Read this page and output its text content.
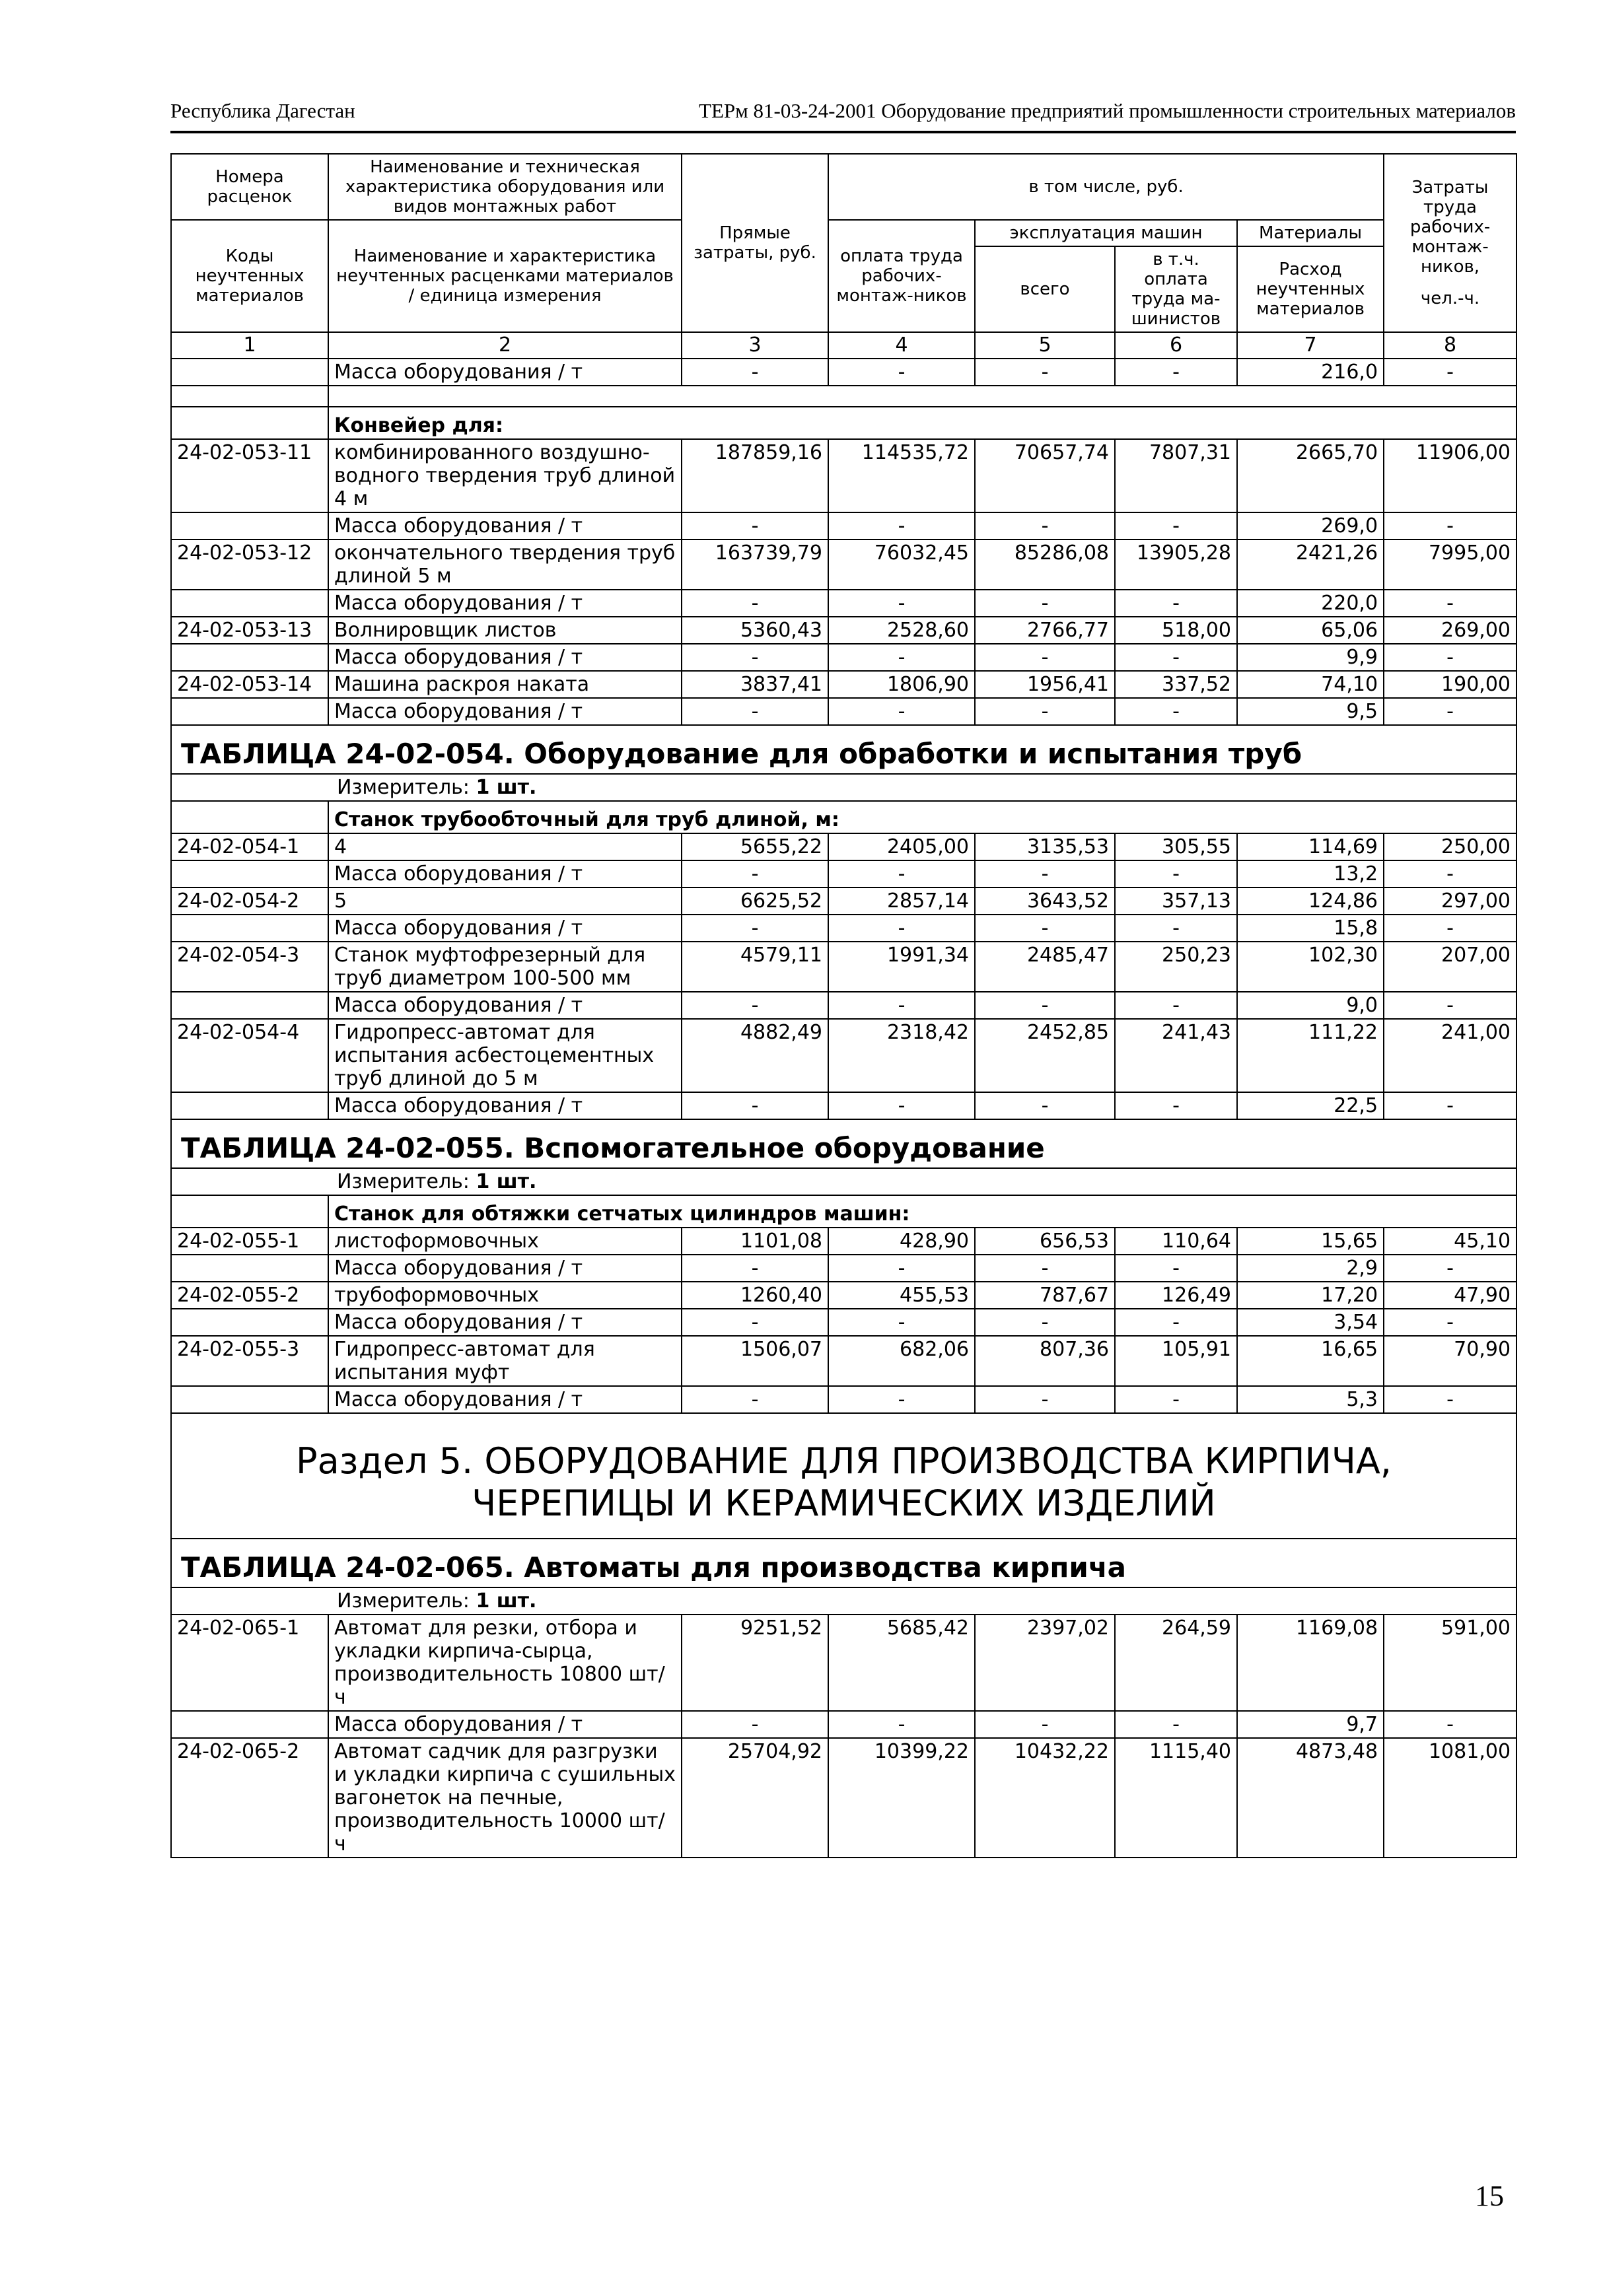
Республика Дагестан	ТЕРм 81-03-24-2001 Оборудование предприятий промышленности строительных материалов
Номера расценок	Наименование и техническая характеристика оборудования или видов монтажных работ	Прямые затраты, руб.	в том числе, руб.				Затраты труда рабочих-монтаж-ников,
чел.-ч.

Коды неучтенных материалов	Наименование и характеристика неучтенных расценками материалов / единица измерения		оплата труда рабочих-монтаж-ников	эксплуатация машин		Материалы	
				всего	в т.ч. оплата труда ма-шинистов	Расход неучтенных материалов	
1	2	3	4	5	6	7	8
	Масса оборудования / т	-	-	-	-	216,0	-

	Конвейер для:						
24-02-053-11	комбинированного воздушно-водного твердения труб длиной 4 м	187859,16	114535,72	70657,74	7807,31	2665,70	11906,00
	Масса оборудования / т	-	-	-	-	269,0	-
24-02-053-12	окончательного твердения труб длиной 5 м	163739,79	76032,45	85286,08	13905,28	2421,26	7995,00
	Масса оборудования / т	-	-	-	-	220,0	-
24-02-053-13	Волнировщик листов	5360,43	2528,60	2766,77	518,00	65,06	269,00
	Масса оборудования / т	-	-	-	-	9,9	-
24-02-053-14	Машина раскроя наката	3837,41	1806,90	1956,41	337,52	74,10	190,00
	Масса оборудования / т	-	-	-	-	9,5	-
ТАБЛИЦА 24-02-054. Оборудование для обработки и испытания труб							
Измеритель: 1 шт.							
	Станок трубообточный для труб длиной, м:						
24-02-054-1	4	5655,22	2405,00	3135,53	305,55	114,69	250,00
	Масса оборудования / т	-	-	-	-	13,2	-
24-02-054-2	5	6625,52	2857,14	3643,52	357,13	124,86	297,00
	Масса оборудования / т	-	-	-	-	15,8	-
24-02-054-3	Станок муфтофрезерный для труб диаметром 100-500 мм	4579,11	1991,34	2485,47	250,23	102,30	207,00
	Масса оборудования / т	-	-	-	-	9,0	-
24-02-054-4	Гидропресс-автомат для испытания асбестоцементных труб длиной до 5 м	4882,49	2318,42	2452,85	241,43	111,22	241,00
	Масса оборудования / т	-	-	-	-	22,5	-
ТАБЛИЦА 24-02-055. Вспомогательное оборудование							
Измеритель: 1 шт.							
	Станок для обтяжки сетчатых цилиндров машин:						
24-02-055-1	листоформовочных	1101,08	428,90	656,53	110,64	15,65	45,10
	Масса оборудования / т	-	-	-	-	2,9	-
24-02-055-2	трубоформовочных	1260,40	455,53	787,67	126,49	17,20	47,90
	Масса оборудования / т	-	-	-	-	3,54	-
24-02-055-3	Гидропресс-автомат для испытания муфт	1506,07	682,06	807,36	105,91	16,65	70,90
	Масса оборудования / т	-	-	-	-	5,3	-

Раздел 5. ОБОРУДОВАНИЕ ДЛЯ ПРОИЗВОДСТВА КИРПИЧА,
ЧЕРЕПИЦЫ И КЕРАМИЧЕСКИХ ИЗДЕЛИЙ							

ТАБЛИЦА 24-02-065. Автоматы для производства кирпича							
Измеритель: 1 шт.							
24-02-065-1	Автомат для резки, отбора и укладки кирпича-сырца, производительность 10800 шт/ч	9251,52	5685,42	2397,02	264,59	1169,08	591,00
	Масса оборудования / т	-	-	-	-	9,7	-
24-02-065-2	Автомат садчик для разгрузки и укладки кирпича с сушильных вагонеток на печные, производительность 10000 шт/ч	25704,92	10399,22	10432,22	1115,40	4873,48	1081,00
15
